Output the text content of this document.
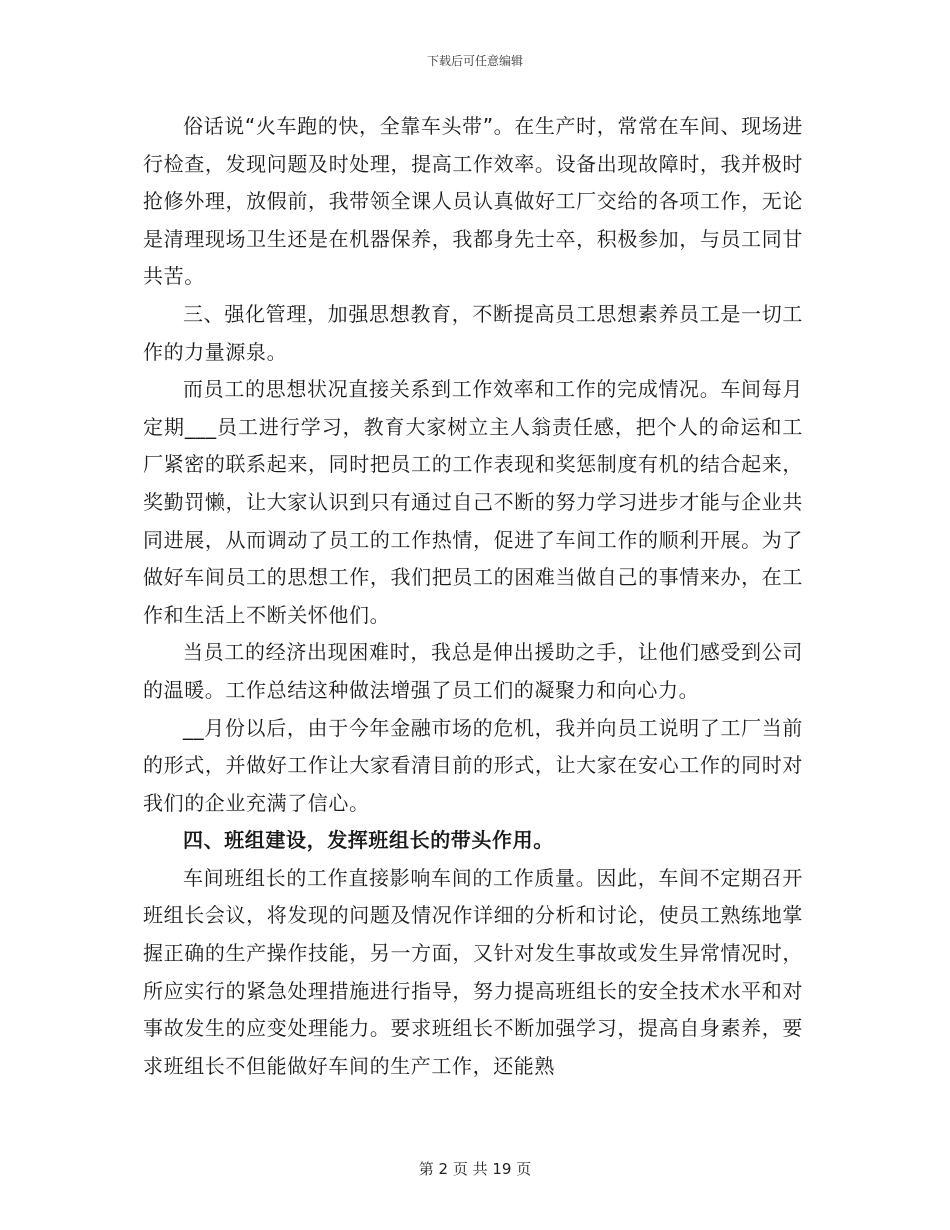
下载后可任意编辑

俗话说“火车跑的快，全靠车头带”。在生产时，常常在车间、现场进行检查，发现问题及时处理，提高工作效率。设备出现故障时，我并极时抢修外理，放假前，我带领全课人员认真做好工厂交给的各项工作，无论是清理现场卫生还是在机器保养，我都身先士卒，积极参加，与员工同甘共苦。

三、强化管理，加强思想教育，不断提高员工思想素养员工是一切工作的力量源泉。

而员工的思想状况直接关系到工作效率和工作的完成情况。车间每月定期___员工进行学习，教育大家树立主人翁责任感，把个人的命运和工厂紧密的联系起来，同时把员工的工作表现和奖惩制度有机的结合起来，奖勤罚懒，让大家认识到只有通过自己不断的努力学习进步才能与企业共同进展，从而调动了员工的工作热情，促进了车间工作的顺利开展。为了做好车间员工的思想工作，我们把员工的困难当做自己的事情来办，在工作和生活上不断关怀他们。

当员工的经济出现困难时，我总是伸出援助之手，让他们感受到公司的温暖。工作总结这种做法增强了员工们的凝聚力和向心力。

__月份以后，由于今年金融市场的危机，我并向员工说明了工厂当前的形式，并做好工作让大家看清目前的形式，让大家在安心工作的同时对我们的企业充满了信心。

四、班组建设，发挥班组长的带头作用。

车间班组长的工作直接影响车间的工作质量。因此，车间不定期召开班组长会议，将发现的问题及情况作详细的分析和讨论，使员工熟练地掌握正确的生产操作技能，另一方面，又针对发生事故或发生异常情况时，所应实行的紧急处理措施进行指导，努力提高班组长的安全技术水平和对事故发生的应变处理能力。要求班组长不断加强学习，提高自身素养，要求班组长不但能做好车间的生产工作，还能熟

第 2 页 共 19 页
